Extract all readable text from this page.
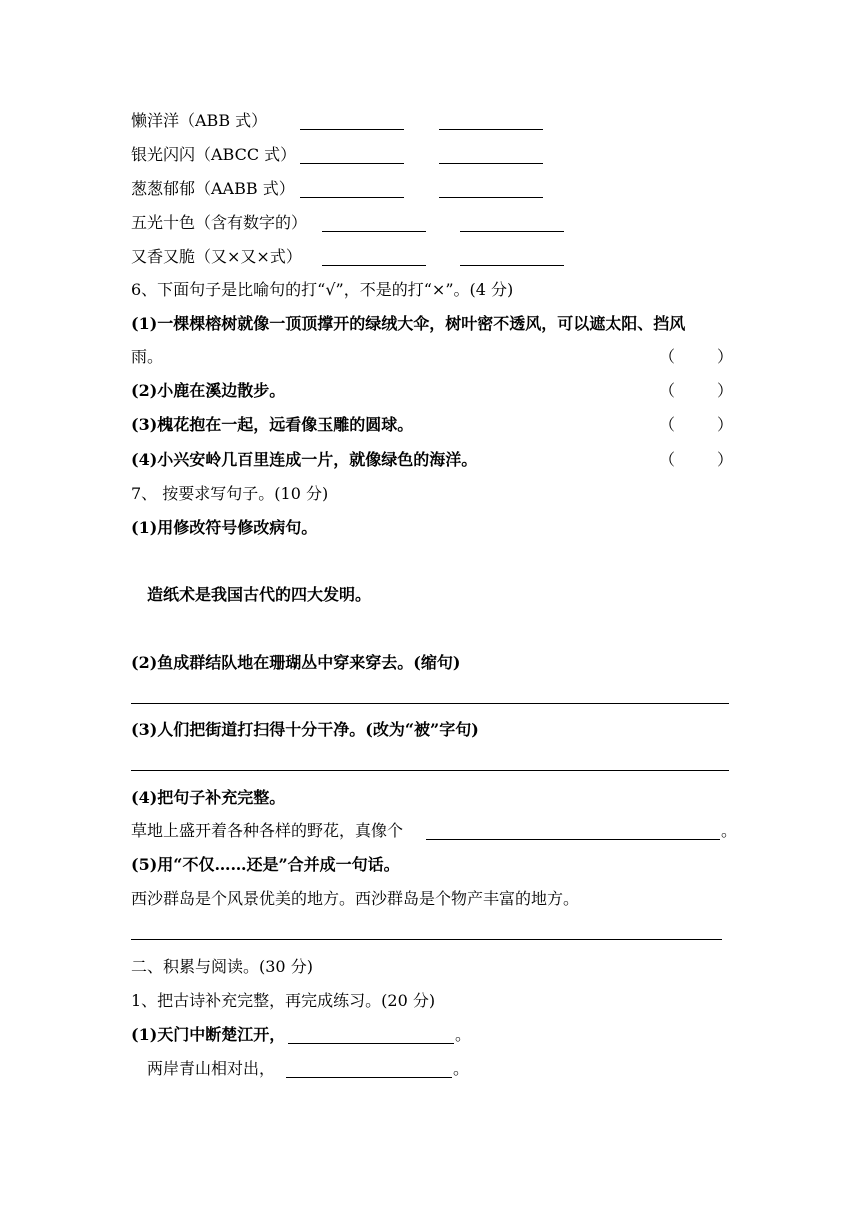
懒洋洋（ABB 式）
银光闪闪（ABCC 式）
葱葱郁郁（AABB 式）
五光十色（含有数字的）
又香又脆（又×又×式）
6、下面句子是比喻句的打“√”，不是的打“×”。(4 分)
(1)一棵棵榕树就像一顶顶撑开的绿绒大伞，树叶密不透风，可以遮太阳、挡风
雨。	（	）
(2)小鹿在溪边散步。	（	）
(3)槐花抱在一起，远看像玉雕的圆球。	（	）
(4)小兴安岭几百里连成一片，就像绿色的海洋。	（	）
7、 按要求写句子。(10 分)
(1)用修改符号修改病句。
造纸术是我国古代的四大发明。
(2)鱼成群结队地在珊瑚丛中穿来穿去。(缩句)
(3)人们把街道打扫得十分干净。(改为“被”字句)
(4)把句子补充完整。
草地上盛开着各种各样的野花，真像个	。
(5)用“不仅……还是”合并成一句话。
西沙群岛是个风景优美的地方。西沙群岛是个物产丰富的地方。
二、积累与阅读。(30 分)
1、把古诗补充完整，再完成练习。(20 分)
(1)天门中断楚江开，	。
两岸青山相对出，	。
